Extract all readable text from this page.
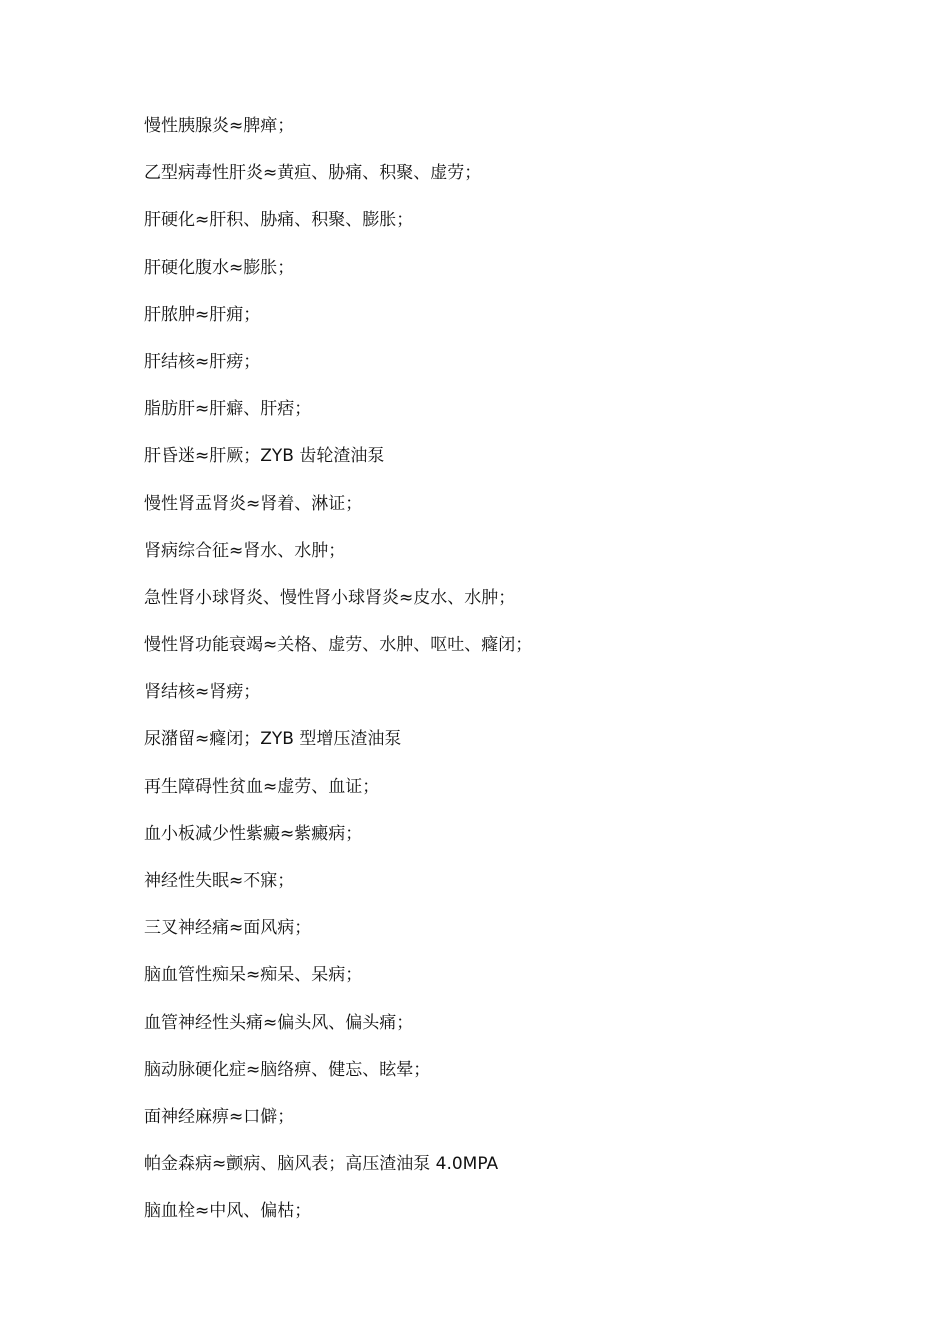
慢性胰腺炎≈脾瘅；
乙型病毒性肝炎≈黄疸、胁痛、积聚、虚劳；
肝硬化≈肝积、胁痛、积聚、膨胀；
肝硬化腹水≈膨胀；
肝脓肿≈肝痈；
肝结核≈肝痨；
脂肪肝≈肝癖、肝痞；
肝昏迷≈肝厥；ZYB 齿轮渣油泵
慢性肾盂肾炎≈肾着、淋证；
肾病综合征≈肾水、水肿；
急性肾小球肾炎、慢性肾小球肾炎≈皮水、水肿；
慢性肾功能衰竭≈关格、虚劳、水肿、呕吐、癃闭；
肾结核≈肾痨；
尿潴留≈癃闭；ZYB 型增压渣油泵
再生障碍性贫血≈虚劳、血证；
血小板减少性紫癜≈紫癜病；
神经性失眠≈不寐；
三叉神经痛≈面风病；
脑血管性痴呆≈痴呆、呆病；
血管神经性头痛≈偏头风、偏头痛；
脑动脉硬化症≈脑络痹、健忘、眩晕；
面神经麻痹≈口僻；
帕金森病≈颤病、脑风表；高压渣油泵 4.0MPA
脑血栓≈中风、偏枯；
